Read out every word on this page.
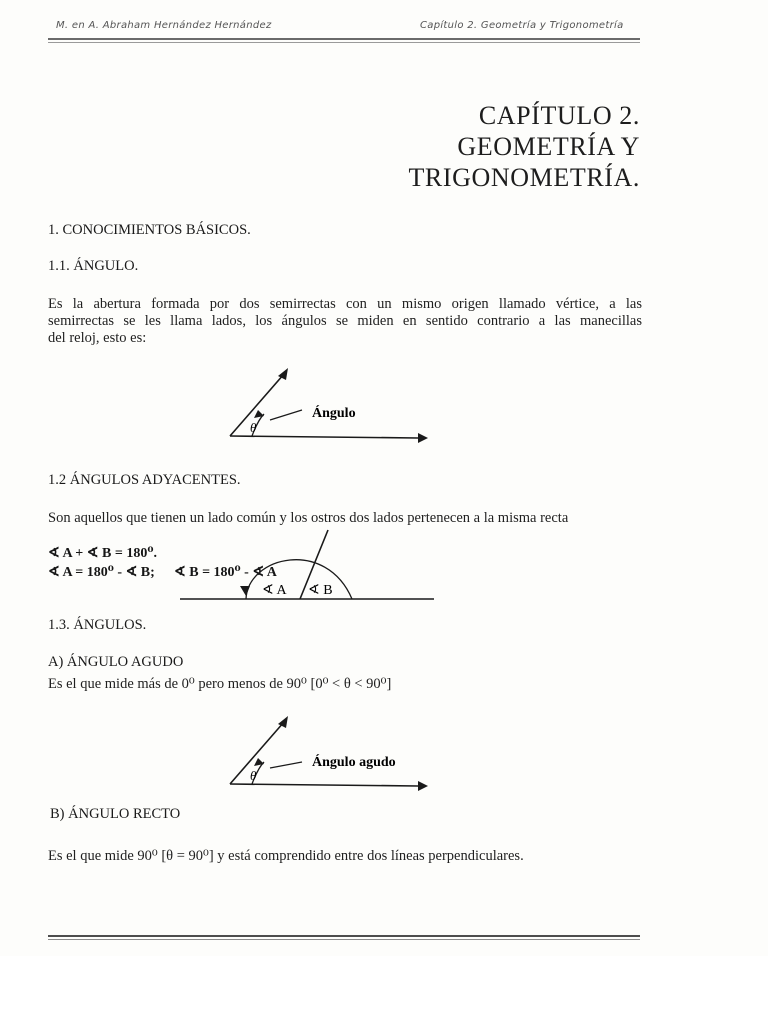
M. en A. Abraham Hernández Hernández	Capítulo 2. Geometría y Trigonometría
CAPÍTULO 2.
GEOMETRÍA Y
TRIGONOMETRÍA.
1. CONOCIMIENTOS BÁSICOS.
1.1. ÁNGULO.
Es la abertura formada por dos semirrectas con un mismo origen llamado vértice, a las
semirrectas se les llama lados, los ángulos se miden en sentido contrario a las manecillas
del reloj, esto es:
θ
Ángulo
1.2 ÁNGULOS ADYACENTES.
Son aquellos que tienen un lado común y los ostros dos lados pertenecen a la misma recta
∢ A + ∢ B = 180⁰.
∢ A = 180⁰ - ∢ B; ∢ B = 180⁰ - ∢ A
∢ A ∢ B
1.3. ÁNGULOS.
A) ÁNGULO AGUDO
Es el que mide más de 0⁰ pero menos de 90⁰ [0⁰ < θ < 90⁰]
θ
Ángulo agudo
B) ÁNGULO RECTO
Es el que mide 90⁰ [θ = 90⁰] y está comprendido entre dos líneas perpendiculares.
